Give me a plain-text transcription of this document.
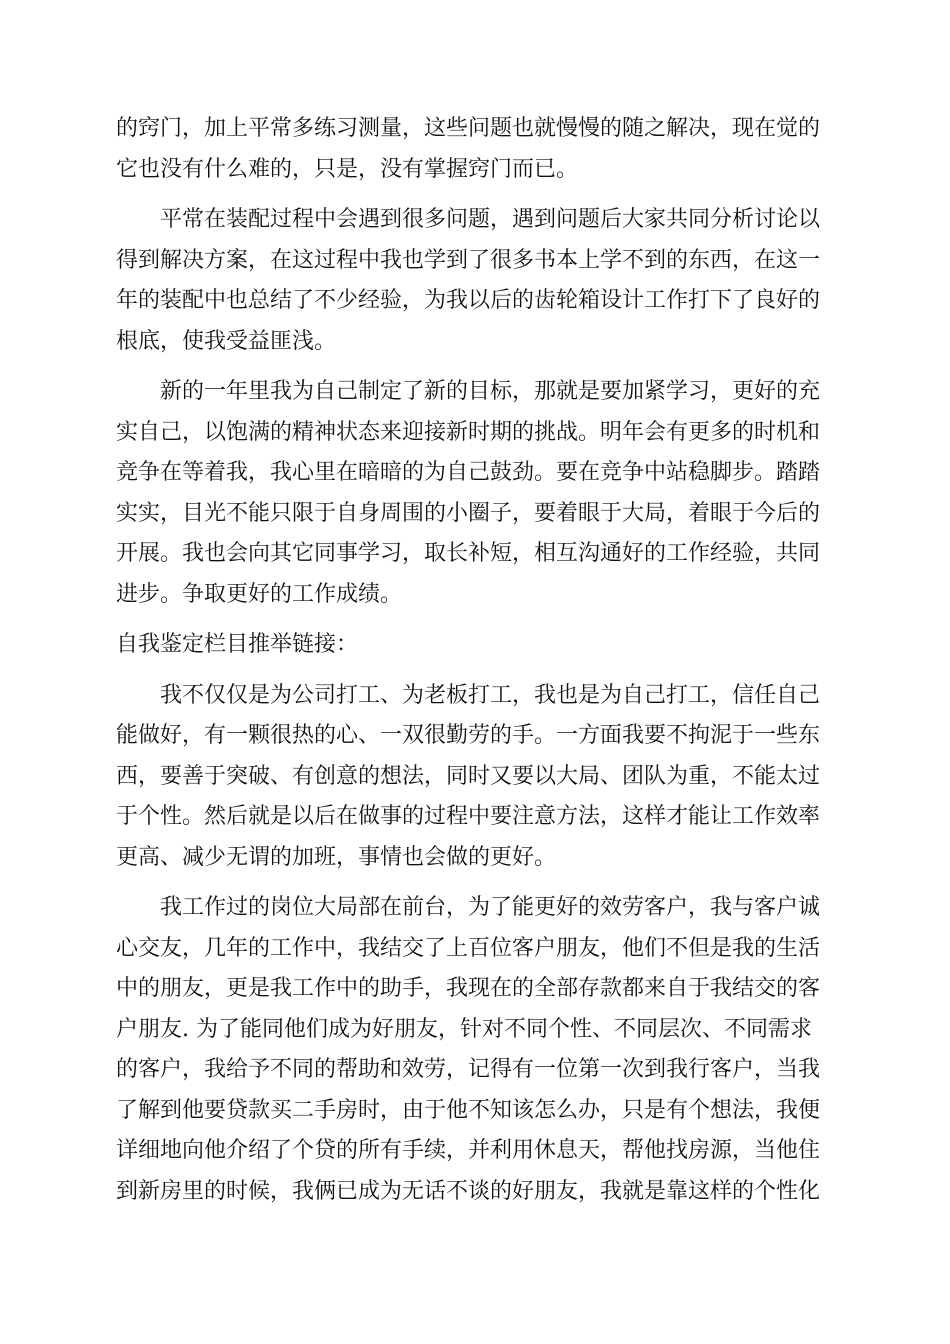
的窍门，加上平常多练习测量，这些问题也就慢慢的随之解决，现在觉的
它也没有什么难的，只是，没有掌握窍门而已。
平常在装配过程中会遇到很多问题，遇到问题后大家共同分析讨论以
得到解决方案，在这过程中我也学到了很多书本上学不到的东西，在这一
年的装配中也总结了不少经验，为我以后的齿轮箱设计工作打下了良好的
根底，使我受益匪浅。
新的一年里我为自己制定了新的目标，那就是要加紧学习，更好的充
实自己，以饱满的精神状态来迎接新时期的挑战。明年会有更多的时机和
竞争在等着我，我心里在暗暗的为自己鼓劲。要在竞争中站稳脚步。踏踏
实实，目光不能只限于自身周围的小圈子，要着眼于大局，着眼于今后的
开展。我也会向其它同事学习，取长补短，相互沟通好的工作经验，共同
进步。争取更好的工作成绩。
自我鉴定栏目推举链接：
我不仅仅是为公司打工、为老板打工，我也是为自己打工，信任自己
能做好，有一颗很热的心、一双很勤劳的手。一方面我要不拘泥于一些东
西，要善于突破、有创意的想法，同时又要以大局、团队为重，不能太过
于个性。然后就是以后在做事的过程中要注意方法，这样才能让工作效率
更高、减少无谓的加班，事情也会做的更好。
我工作过的岗位大局部在前台，为了能更好的效劳客户，我与客户诚
心交友，几年的工作中，我结交了上百位客户朋友，他们不但是我的生活
中的朋友，更是我工作中的助手，我现在的全部存款都来自于我结交的客
户朋友. 为了能同他们成为好朋友，针对不同个性、不同层次、不同需求
的客户，我给予不同的帮助和效劳，记得有一位第一次到我行客户，当我
了解到他要贷款买二手房时，由于他不知该怎么办，只是有个想法，我便
详细地向他介绍了个贷的所有手续，并利用休息天，帮他找房源，当他住
到新房里的时候，我俩已成为无话不谈的好朋友，我就是靠这样的个性化
